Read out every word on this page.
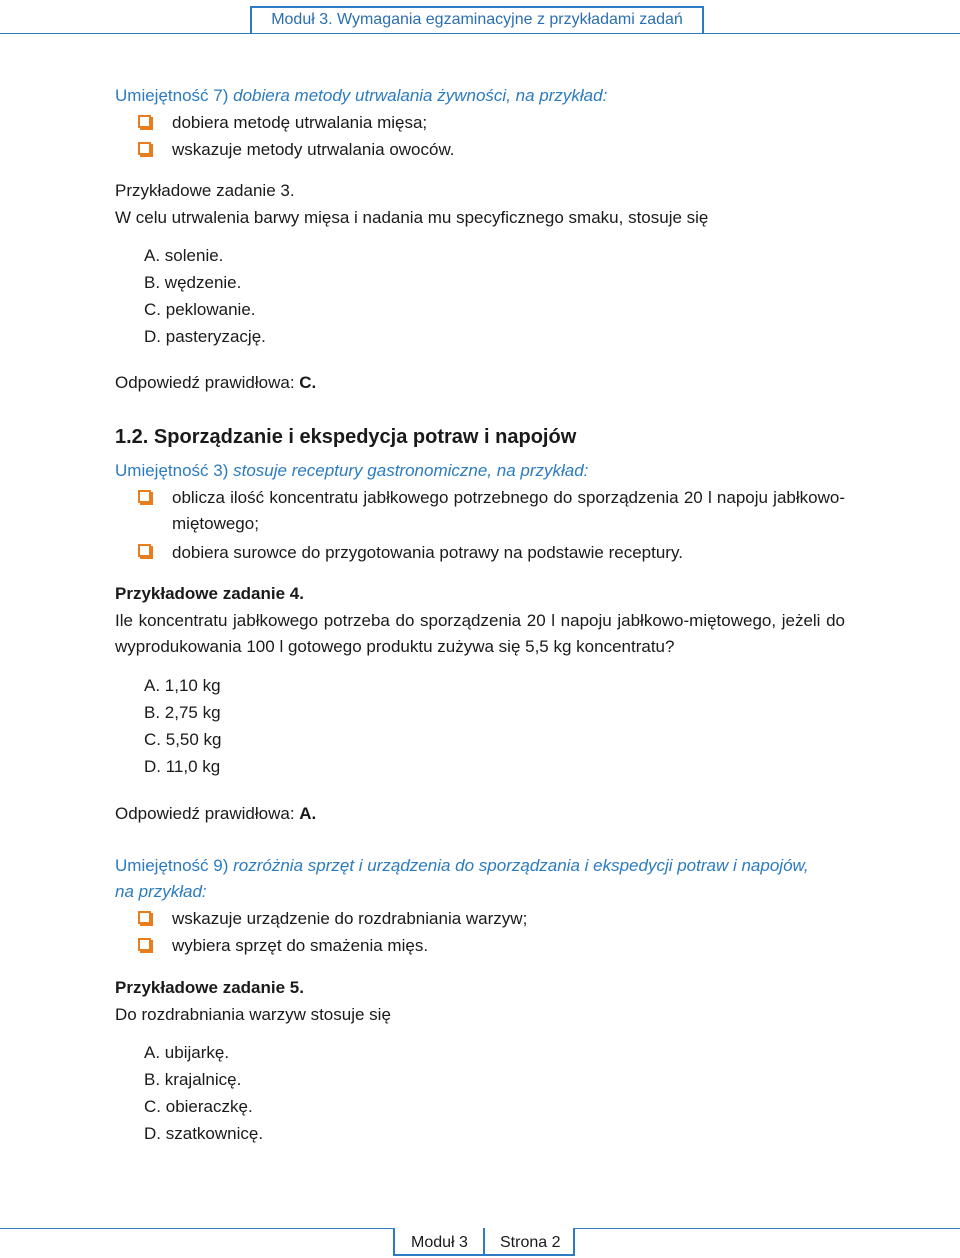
Moduł 3. Wymagania egzaminacyjne z przykładami zadań
Umiejętność 7) dobiera metody utrwalania żywności, na przykład:
dobiera metodę utrwalania mięsa;
wskazuje metody utrwalania owoców.
Przykładowe zadanie 3.
W celu utrwalenia barwy mięsa i nadania mu specyficznego smaku, stosuje się
A. solenie.
B. wędzenie.
C. peklowanie.
D. pasteryzację.
Odpowiedź prawidłowa: C.
1.2. Sporządzanie i ekspedycja potraw i napojów
Umiejętność 3) stosuje receptury gastronomiczne, na przykład:
oblicza ilość koncentratu jabłkowego potrzebnego do sporządzenia 20 l napoju jabłkowo-miętowego;
dobiera surowce do przygotowania potrawy na podstawie receptury.
Przykładowe zadanie 4.
Ile koncentratu jabłkowego potrzeba do sporządzenia 20 l napoju jabłkowo-miętowego, jeżeli do wyprodukowania 100 l gotowego produktu zużywa się 5,5 kg koncentratu?
A. 1,10 kg
B. 2,75 kg
C. 5,50 kg
D. 11,0 kg
Odpowiedź prawidłowa: A.
Umiejętność 9) rozróżnia sprzęt i urządzenia do sporządzania i ekspedycji potraw i napojów,
na przykład:
wskazuje urządzenie do rozdrabniania warzyw;
wybiera sprzęt do smażenia mięs.
Przykładowe zadanie 5.
Do rozdrabniania warzyw stosuje się
A. ubijarkę.
B. krajalnicę.
C. obieraczkę.
D. szatkownicę.
Moduł 3 Strona 2
